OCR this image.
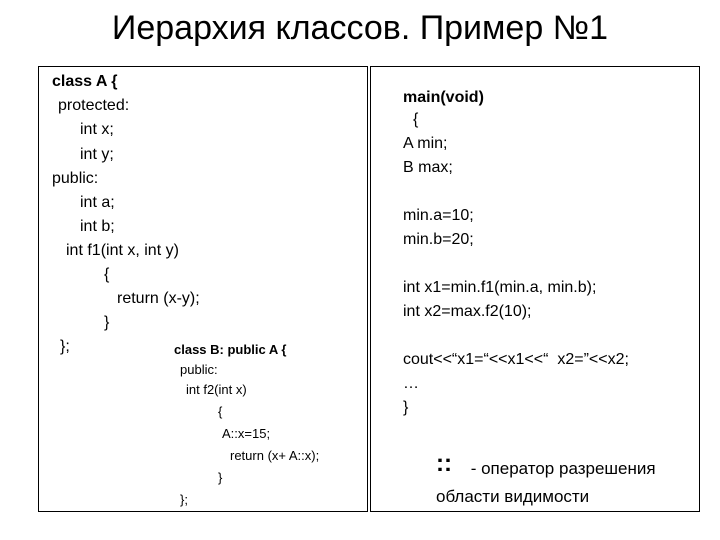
Иерархия классов. Пример №1
class A {
protected:
int x;
int y;
public:
int a;
int b;
int f1(int x, int y)
{
return (x-y);
}
};	class B: public A {
public:
int f2(int x)
{
A::x=15;
return (x+ A::x);
}
};
main(void)
{
A min;
B max;
min.a=10;
min.b=20;
int x1=min.f1(min.a, min.b);
int x2=max.f2(10);
cout<<“x1=“<<x1<<“  x2=”<<x2;
…
}
:: - оператор разрешения
области видимости
